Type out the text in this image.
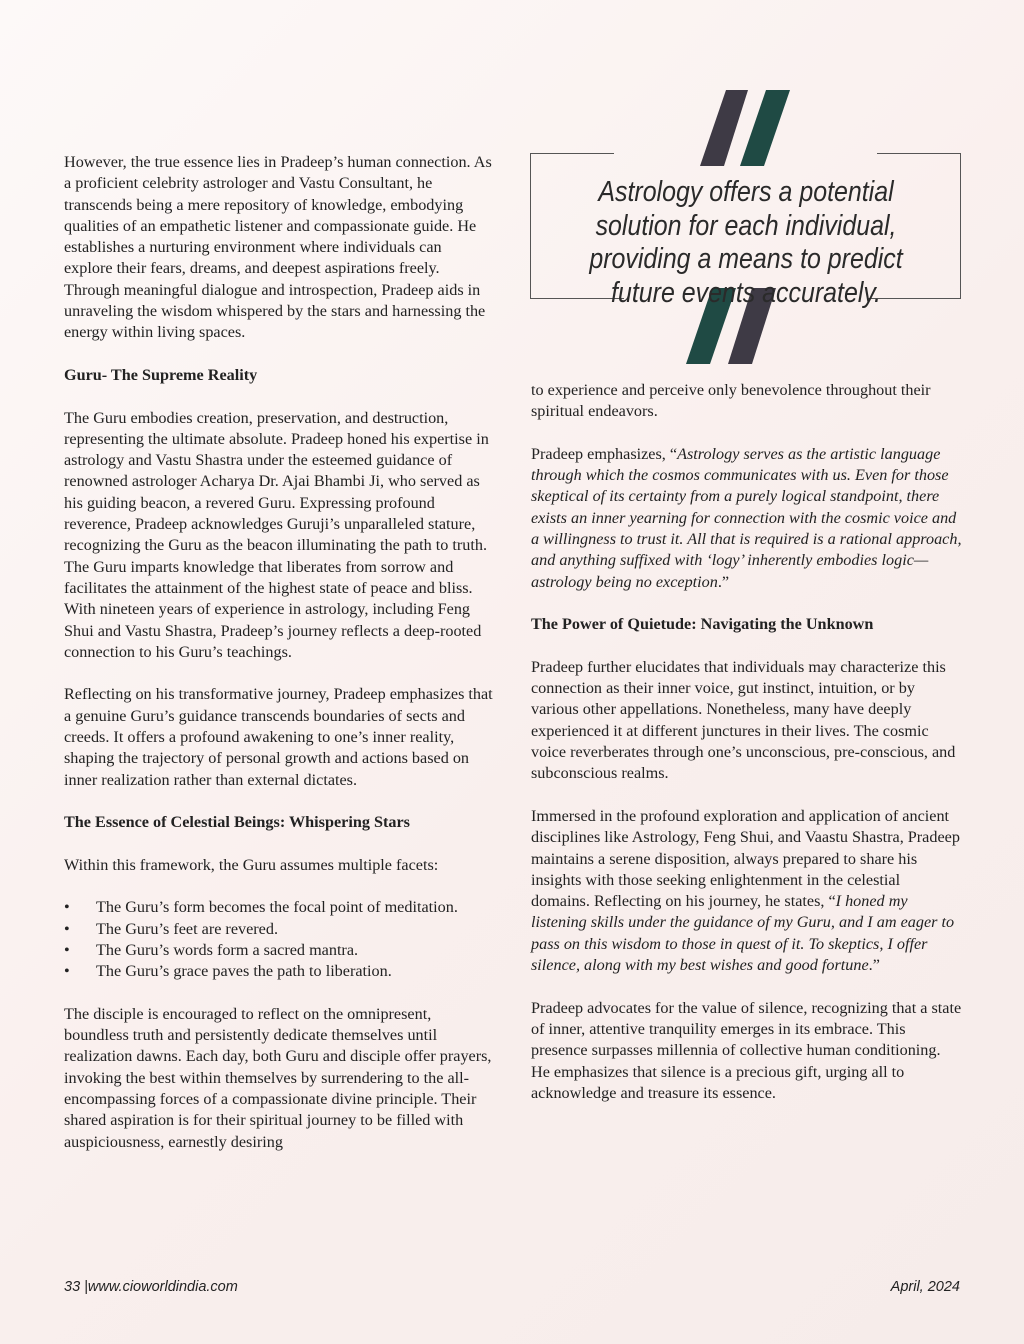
However, the true essence lies in Pradeep’s human connection. As a proficient celebrity astrologer and Vastu Consultant, he transcends being a mere repository of knowledge, embodying qualities of an empathetic listener and compassionate guide. He establishes a nurturing environment where individuals can explore their fears, dreams, and deepest aspirations freely. Through meaningful dialogue and introspection, Pradeep aids in unraveling the wisdom whispered by the stars and harnessing the energy within living spaces.

Guru- The Supreme Reality

The Guru embodies creation, preservation, and destruction, representing the ultimate absolute. Pradeep honed his expertise in astrology and Vastu Shastra under the esteemed guidance of renowned astrologer Acharya Dr. Ajai Bhambi Ji, who served as his guiding beacon, a revered Guru. Expressing profound reverence, Pradeep acknowledges Guruji’s unparalleled stature, recognizing the Guru as the beacon illuminating the path to truth. The Guru imparts knowledge that liberates from sorrow and facilitates the attainment of the highest state of peace and bliss. With nineteen years of experience in astrology, including Feng Shui and Vastu Shastra, Pradeep’s journey reflects a deep-rooted connection to his Guru’s teachings.

Reflecting on his transformative journey, Pradeep emphasizes that a genuine Guru’s guidance transcends boundaries of sects and creeds. It offers a profound awakening to one’s inner reality, shaping the trajectory of personal growth and actions based on inner realization rather than external dictates.

The Essence of Celestial Beings: Whispering Stars

Within this framework, the Guru assumes multiple facets:

• The Guru’s form becomes the focal point of meditation.
• The Guru’s feet are revered.
• The Guru’s words form a sacred mantra.
• The Guru’s grace paves the path to liberation.

The disciple is encouraged to reflect on the omnipresent, boundless truth and persistently dedicate themselves until realization dawns. Each day, both Guru and disciple offer prayers, invoking the best within themselves by surrendering to the all-encompassing forces of a compassionate divine principle. Their shared aspiration is for their spiritual journey to be filled with auspiciousness, earnestly desiring

Astrology offers a potential solution for each individual, providing a means to predict future events accurately.

to experience and perceive only benevolence throughout their spiritual endeavors.

Pradeep emphasizes, “Astrology serves as the artistic language through which the cosmos communicates with us. Even for those skeptical of its certainty from a purely logical standpoint, there exists an inner yearning for connection with the cosmic voice and a willingness to trust it. All that is required is a rational approach, and anything suffixed with ‘logy’ inherently embodies logic—astrology being no exception.”

The Power of Quietude: Navigating the Unknown

Pradeep further elucidates that individuals may characterize this connection as their inner voice, gut instinct, intuition, or by various other appellations. Nonetheless, many have deeply experienced it at different junctures in their lives. The cosmic voice reverberates through one’s unconscious, pre-conscious, and subconscious realms.

Immersed in the profound exploration and application of ancient disciplines like Astrology, Feng Shui, and Vaastu Shastra, Pradeep maintains a serene disposition, always prepared to share his insights with those seeking enlightenment in the celestial domains. Reflecting on his journey, he states, “I honed my listening skills under the guidance of my Guru, and I am eager to pass on this wisdom to those in quest of it. To skeptics, I offer silence, along with my best wishes and good fortune.”

Pradeep advocates for the value of silence, recognizing that a state of inner, attentive tranquility emerges in its embrace. This presence surpasses millennia of collective human conditioning. He emphasizes that silence is a precious gift, urging all to acknowledge and treasure its essence.

33 |www.cioworldindia.com	April, 2024
